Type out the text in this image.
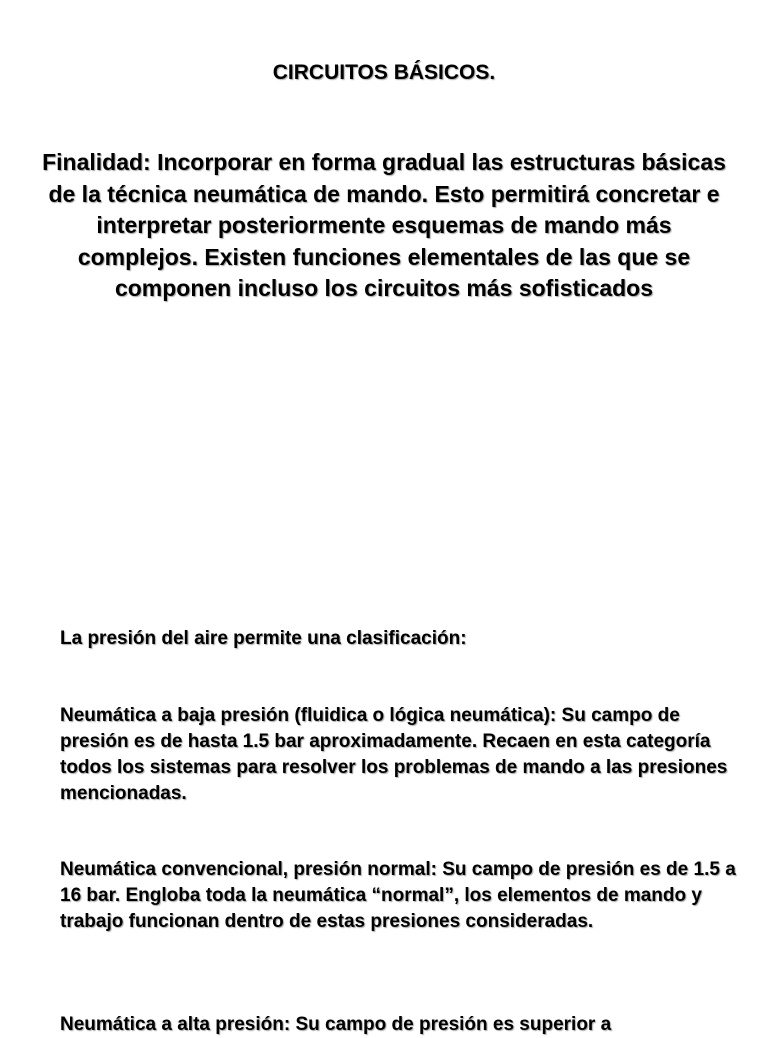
CIRCUITOS BÁSICOS.

Finalidad: Incorporar en forma gradual las estructuras básicas de la técnica neumática de mando. Esto permitirá concretar e interpretar posteriormente esquemas de mando más complejos. Existen funciones elementales de las que se componen incluso los circuitos más sofisticados

La presión del aire permite una clasificación:

Neumática a baja presión (fluidica o lógica neumática): Su campo de presión es de hasta 1.5 bar aproximadamente. Recaen en esta categoría todos los sistemas para resolver los problemas de mando a las presiones mencionadas.

Neumática convencional, presión normal: Su campo de presión es de 1.5 a 16 bar. Engloba toda la neumática “normal”, los elementos de mando y trabajo funcionan dentro de estas presiones consideradas.

Neumática a alta presión: Su campo de presión es superior a
